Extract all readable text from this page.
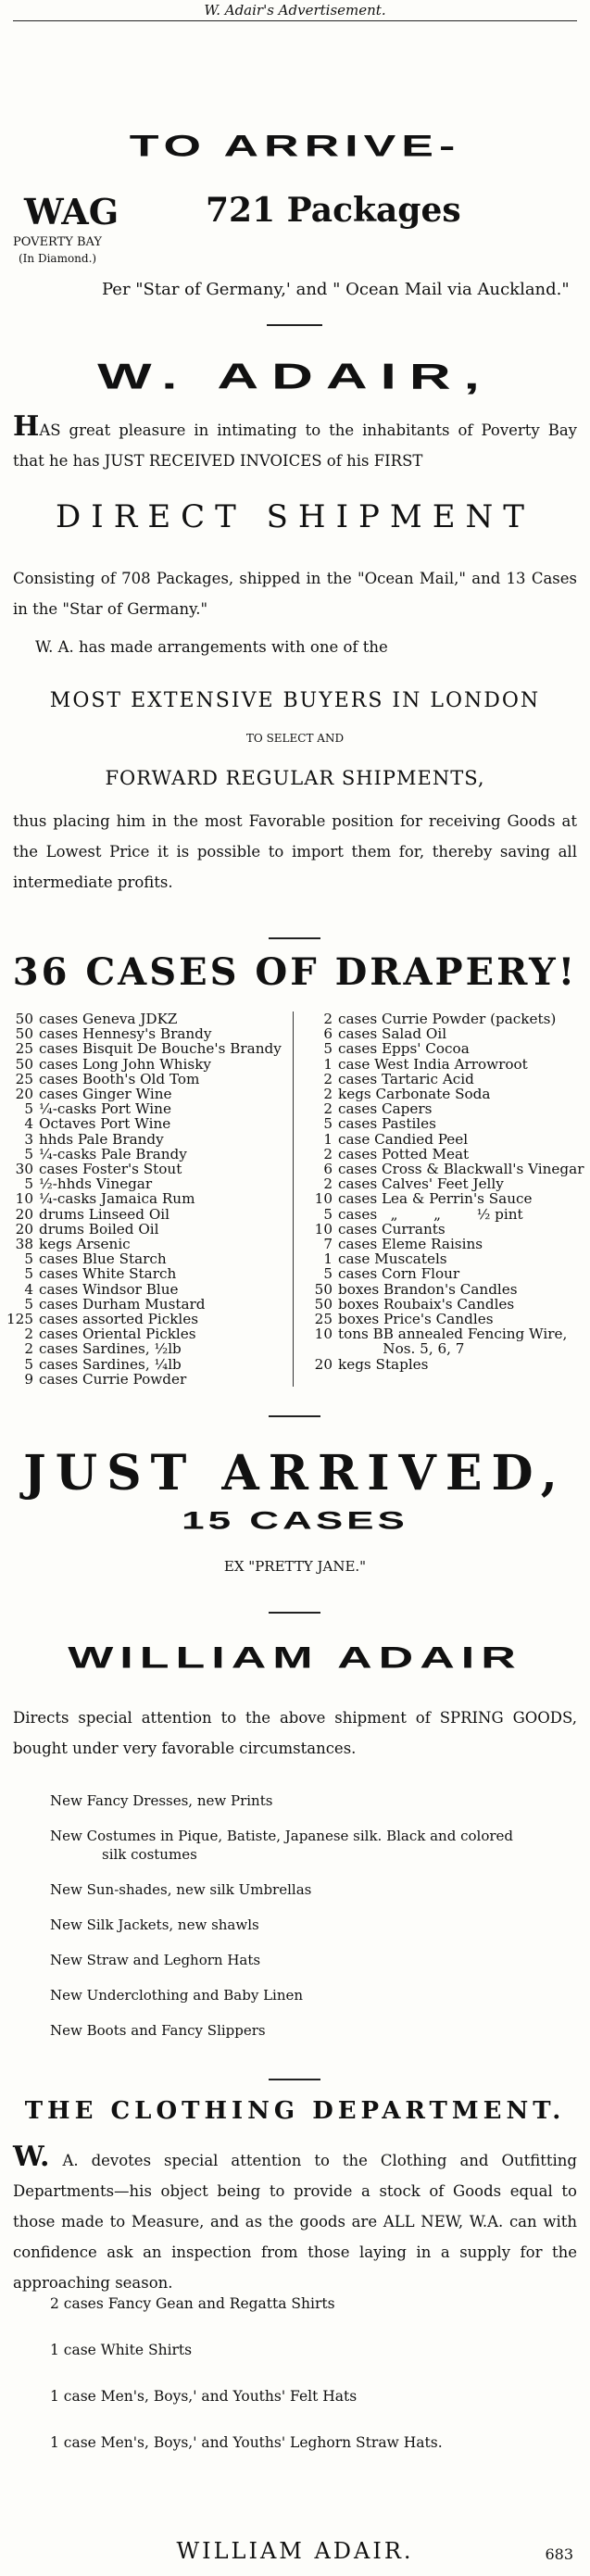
W. Adair's Advertisement.
TO ARRIVE-
WAG	721 Packages
POVERTY BAY
(In Diamond.)
Per "Star of Germany,' and " Ocean Mail via Auckland."
W. ADAIR,
HAS great pleasure in intimating to the inhabitants of Poverty Bay that he has JUST RECEIVED INVOICES of his FIRST
DIRECT SHIPMENT
Consisting of 708 Packages, shipped in the "Ocean Mail," and 13 Cases in the "Star of Germany."
W. A. has made arrangements with one of the
MOST EXTENSIVE BUYERS IN LONDON
TO SELECT AND
FORWARD REGULAR SHIPMENTS,
thus placing him in the most Favorable position for receiving Goods at the Lowest Price it is possible to import them for, thereby saving all intermediate profits.
36 CASES OF DRAPERY!
50 cases Geneva JDKZ
50 cases Hennesy's Brandy
25 cases Bisquit De Bouche's Brandy
50 cases Long John Whisky
25 cases Booth's Old Tom
20 cases Ginger Wine
5 ¼-casks Port Wine
4 Octaves Port Wine
3 hhds Pale Brandy
5 ¼-casks Pale Brandy
30 cases Foster's Stout
5 ½-hhds Vinegar
10 ¼-casks Jamaica Rum
20 drums Linseed Oil
20 drums Boiled Oil
38 kegs Arsenic
5 cases Blue Starch
5 cases White Starch
4 cases Windsor Blue
5 cases Durham Mustard
125 cases assorted Pickles
2 cases Oriental Pickles
2 cases Sardines, ½lb
5 cases Sardines, ¼lb
9 cases Currie Powder

2 cases Currie Powder (packets)
6 cases Salad Oil
5 cases Epps' Cocoa
1 case West India Arrowroot
2 cases Tartaric Acid
2 kegs Carbonate Soda
2 cases Capers
5 cases Pastiles
1 case Candied Peel
2 cases Potted Meat
6 cases Cross & Blackwall's Vinegar
2 cases Calves' Feet Jelly
10 cases Lea & Perrin's Sauce
5 cases   „        „        ½ pint
10 cases Currants
7 cases Eleme Raisins
1 case Muscatels
5 cases Corn Flour
50 boxes Brandon's Candles
50 boxes Roubaix's Candles
25 boxes Price's Candles
10 tons BB annealed Fencing Wire,
Nos. 5, 6, 7
20 kegs Staples
JUST ARRIVED,
15 CASES
EX "PRETTY JANE."
WILLIAM ADAIR
Directs special attention to the above shipment of SPRING GOODS, bought under very favorable circumstances.
New Fancy Dresses, new Prints
New Costumes in Pique, Batiste, Japanese silk. Black and colored
silk costumes
New Sun-shades, new silk Umbrellas
New Silk Jackets, new shawls
New Straw and Leghorn Hats
New Underclothing and Baby Linen
New Boots and Fancy Slippers
THE CLOTHING DEPARTMENT.
W. A. devotes special attention to the Clothing and Outfitting Departments—his object being to provide a stock of Goods equal to those made to Measure, and as the goods are ALL NEW, W.A. can with confidence ask an inspection from those laying in a supply for the approaching season.
2 cases Fancy Gean and Regatta Shirts
1 case White Shirts
1 case Men's, Boys,' and Youths' Felt Hats
1 case Men's, Boys,' and Youths' Leghorn Straw Hats.
WILLIAM ADAIR.	683
